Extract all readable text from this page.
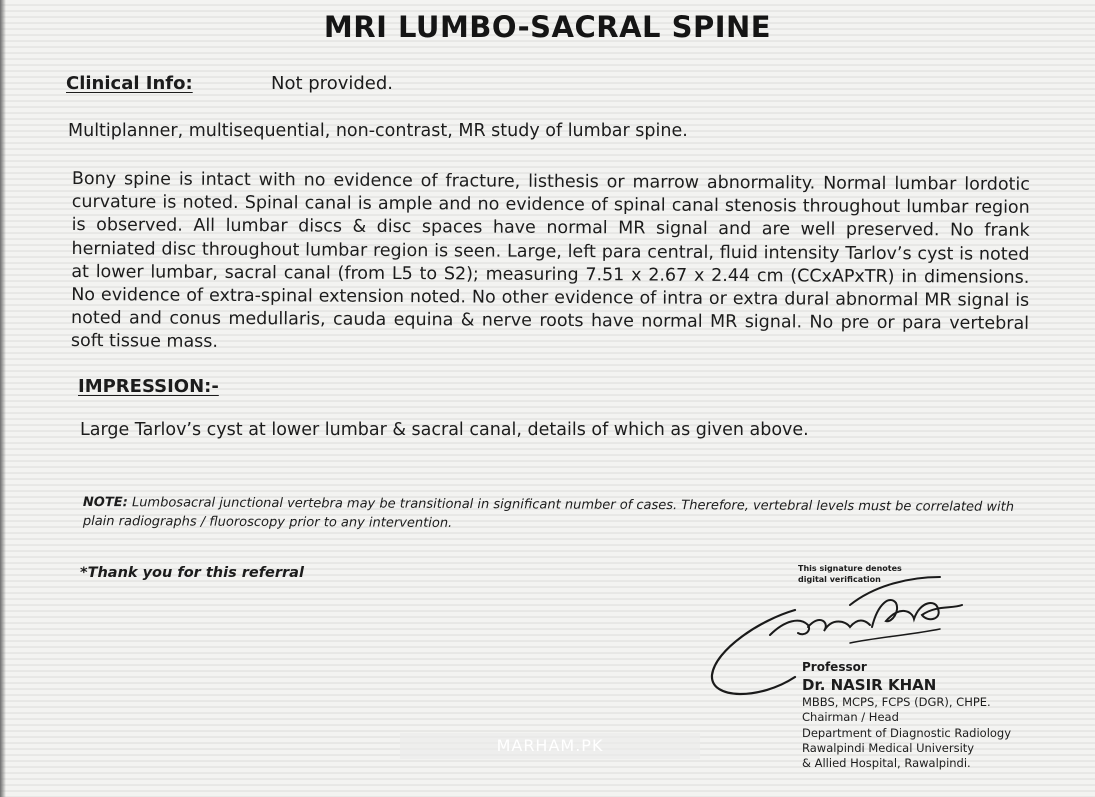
MRI LUMBO-SACRAL SPINE
Clinical Info:	Not provided.
Multiplanner, multisequential, non-contrast, MR study of lumbar spine.
Bony spine is intact with no evidence of fracture, listhesis or marrow abnormality. Normal lumbar lordotic curvature is noted. Spinal canal is ample and no evidence of spinal canal stenosis throughout lumbar region is observed. All lumbar discs & disc spaces have normal MR signal and are well preserved. No frank herniated disc throughout lumbar region is seen. Large, left para central, fluid intensity Tarlov’s cyst is noted at lower lumbar, sacral canal (from L5 to S2); measuring 7.51 x 2.67 x 2.44 cm (CCxAPxTR) in dimensions. No evidence of extra-spinal extension noted. No other evidence of intra or extra dural abnormal MR signal is noted and conus medullaris, cauda equina & nerve roots have normal MR signal. No pre or para vertebral soft tissue mass.
IMPRESSION:-
Large Tarlov’s cyst at lower lumbar & sacral canal, details of which as given above.
NOTE: Lumbosacral junctional vertebra may be transitional in significant number of cases. Therefore, vertebral levels must be correlated with plain radiographs / fluoroscopy prior to any intervention.
*Thank you for this referral	This signature denotes digital verification
Professor
Dr. NASIR KHAN
MBBS, MCPS, FCPS (DGR), CHPE.
Chairman / Head
Department of Diagnostic Radiology
Rawalpindi Medical University
& Allied Hospital, Rawalpindi.
MARHAM.PK
